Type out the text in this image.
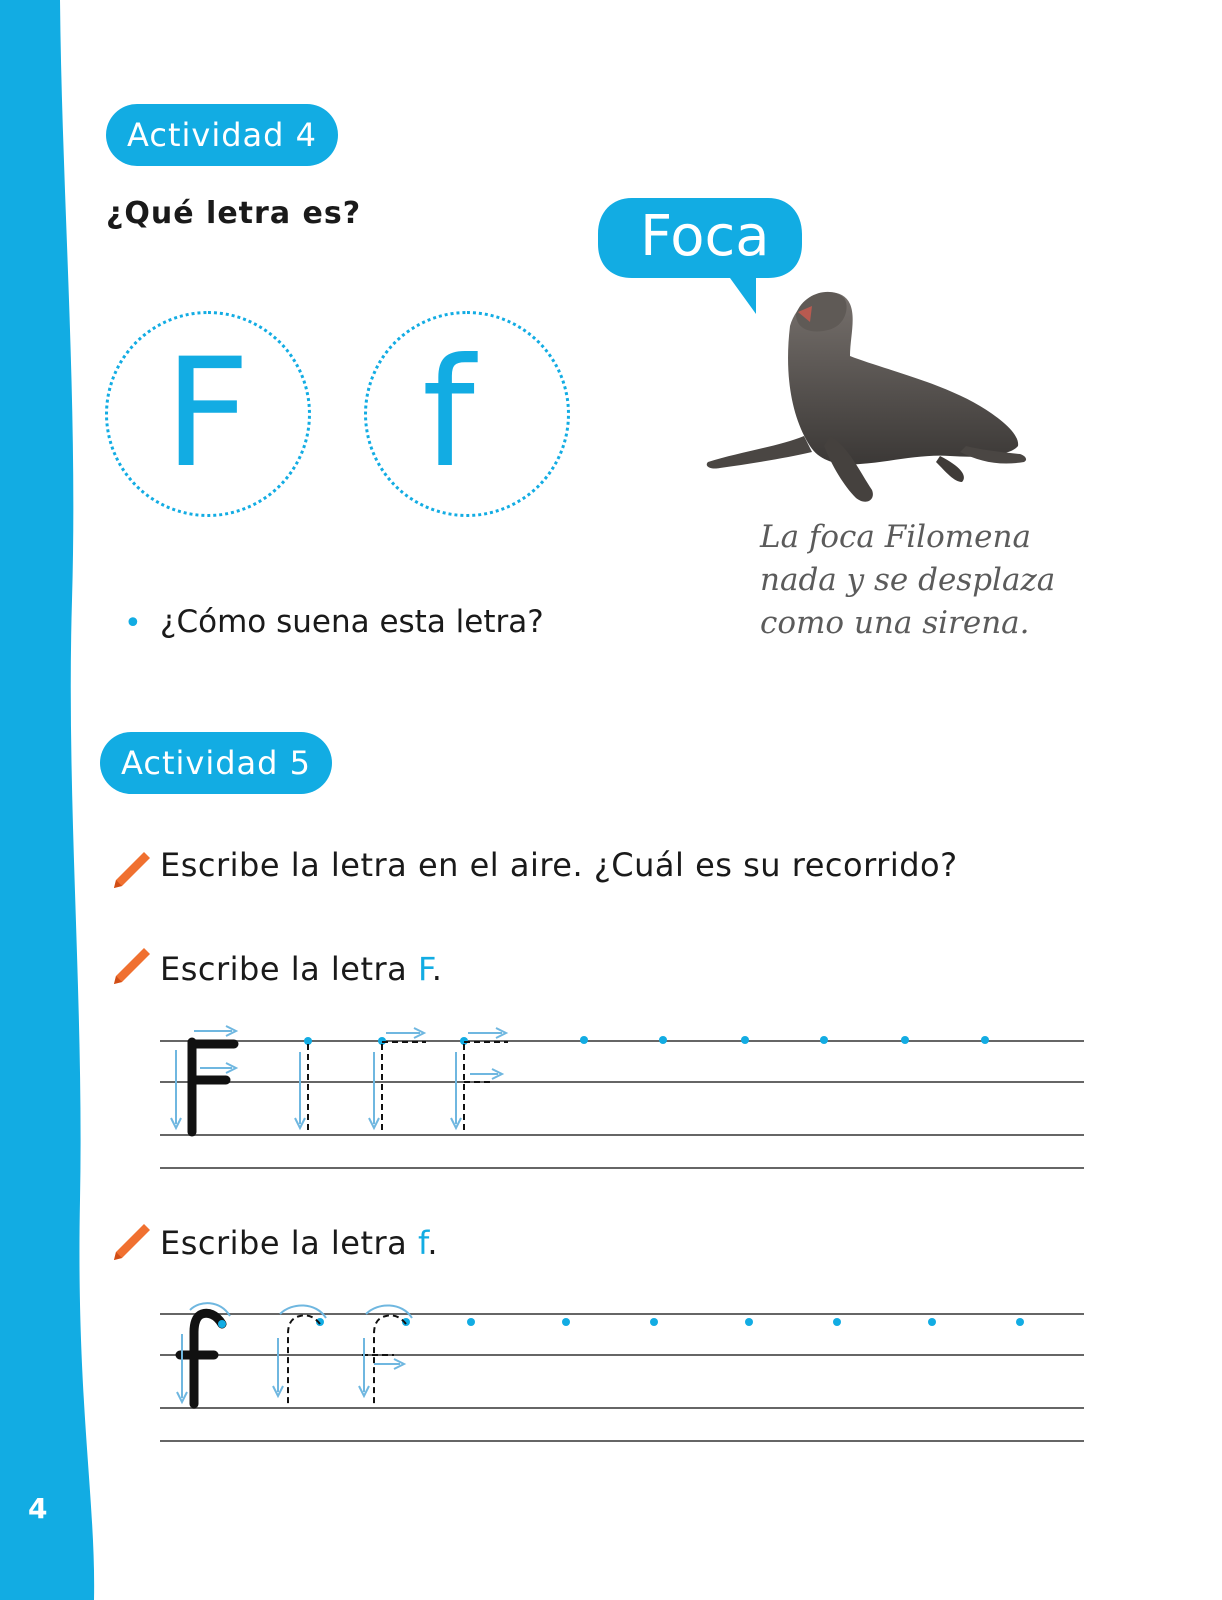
4
Actividad 4
¿Qué letra es?
F f
• ¿Cómo suena esta letra?
Foca
La foca Filomena
nada y se desplaza
como una sirena.
Actividad 5
Escribe la letra en el aire. ¿Cuál es su recorrido?
Escribe la letra F.
Escribe la letra f.
